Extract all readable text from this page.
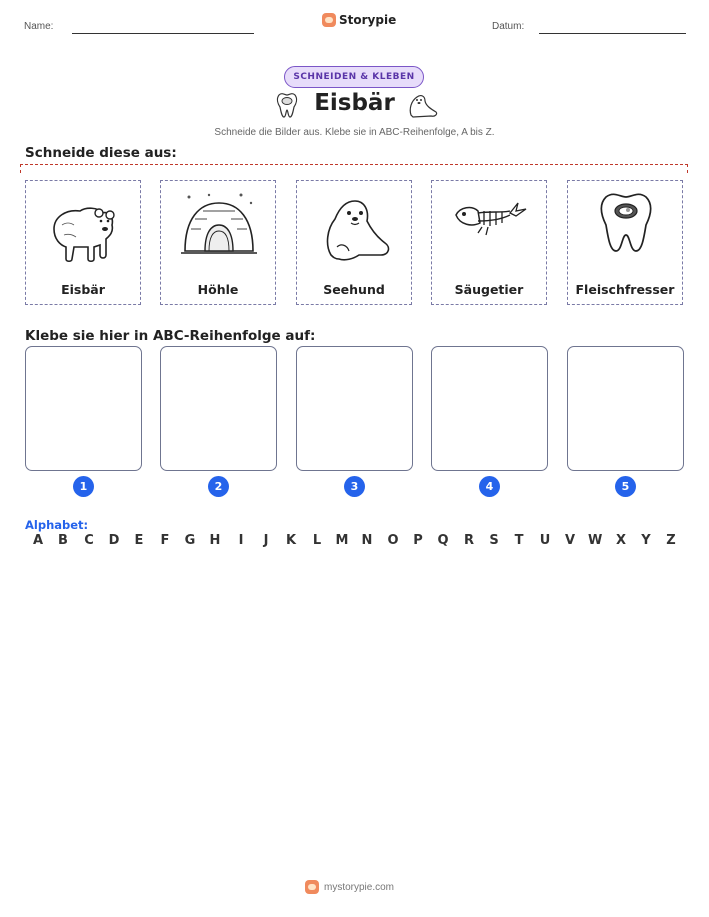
Name:	Storypie	Datum:
SCHNEIDEN & KLEBEN
Eisbär
Schneide die Bilder aus. Klebe sie in ABC-Reihenfolge, A bis Z.
Schneide diese aus:
Eisbär	Höhle	Seehund	Säugetier	Fleischfresser
Klebe sie hier in ABC-Reihenfolge auf:
1	2	3	4	5
Alphabet:
A B C D E F G H	I	J	K L M N O P Q R S T U V W X Y Z
mystorypie.com
